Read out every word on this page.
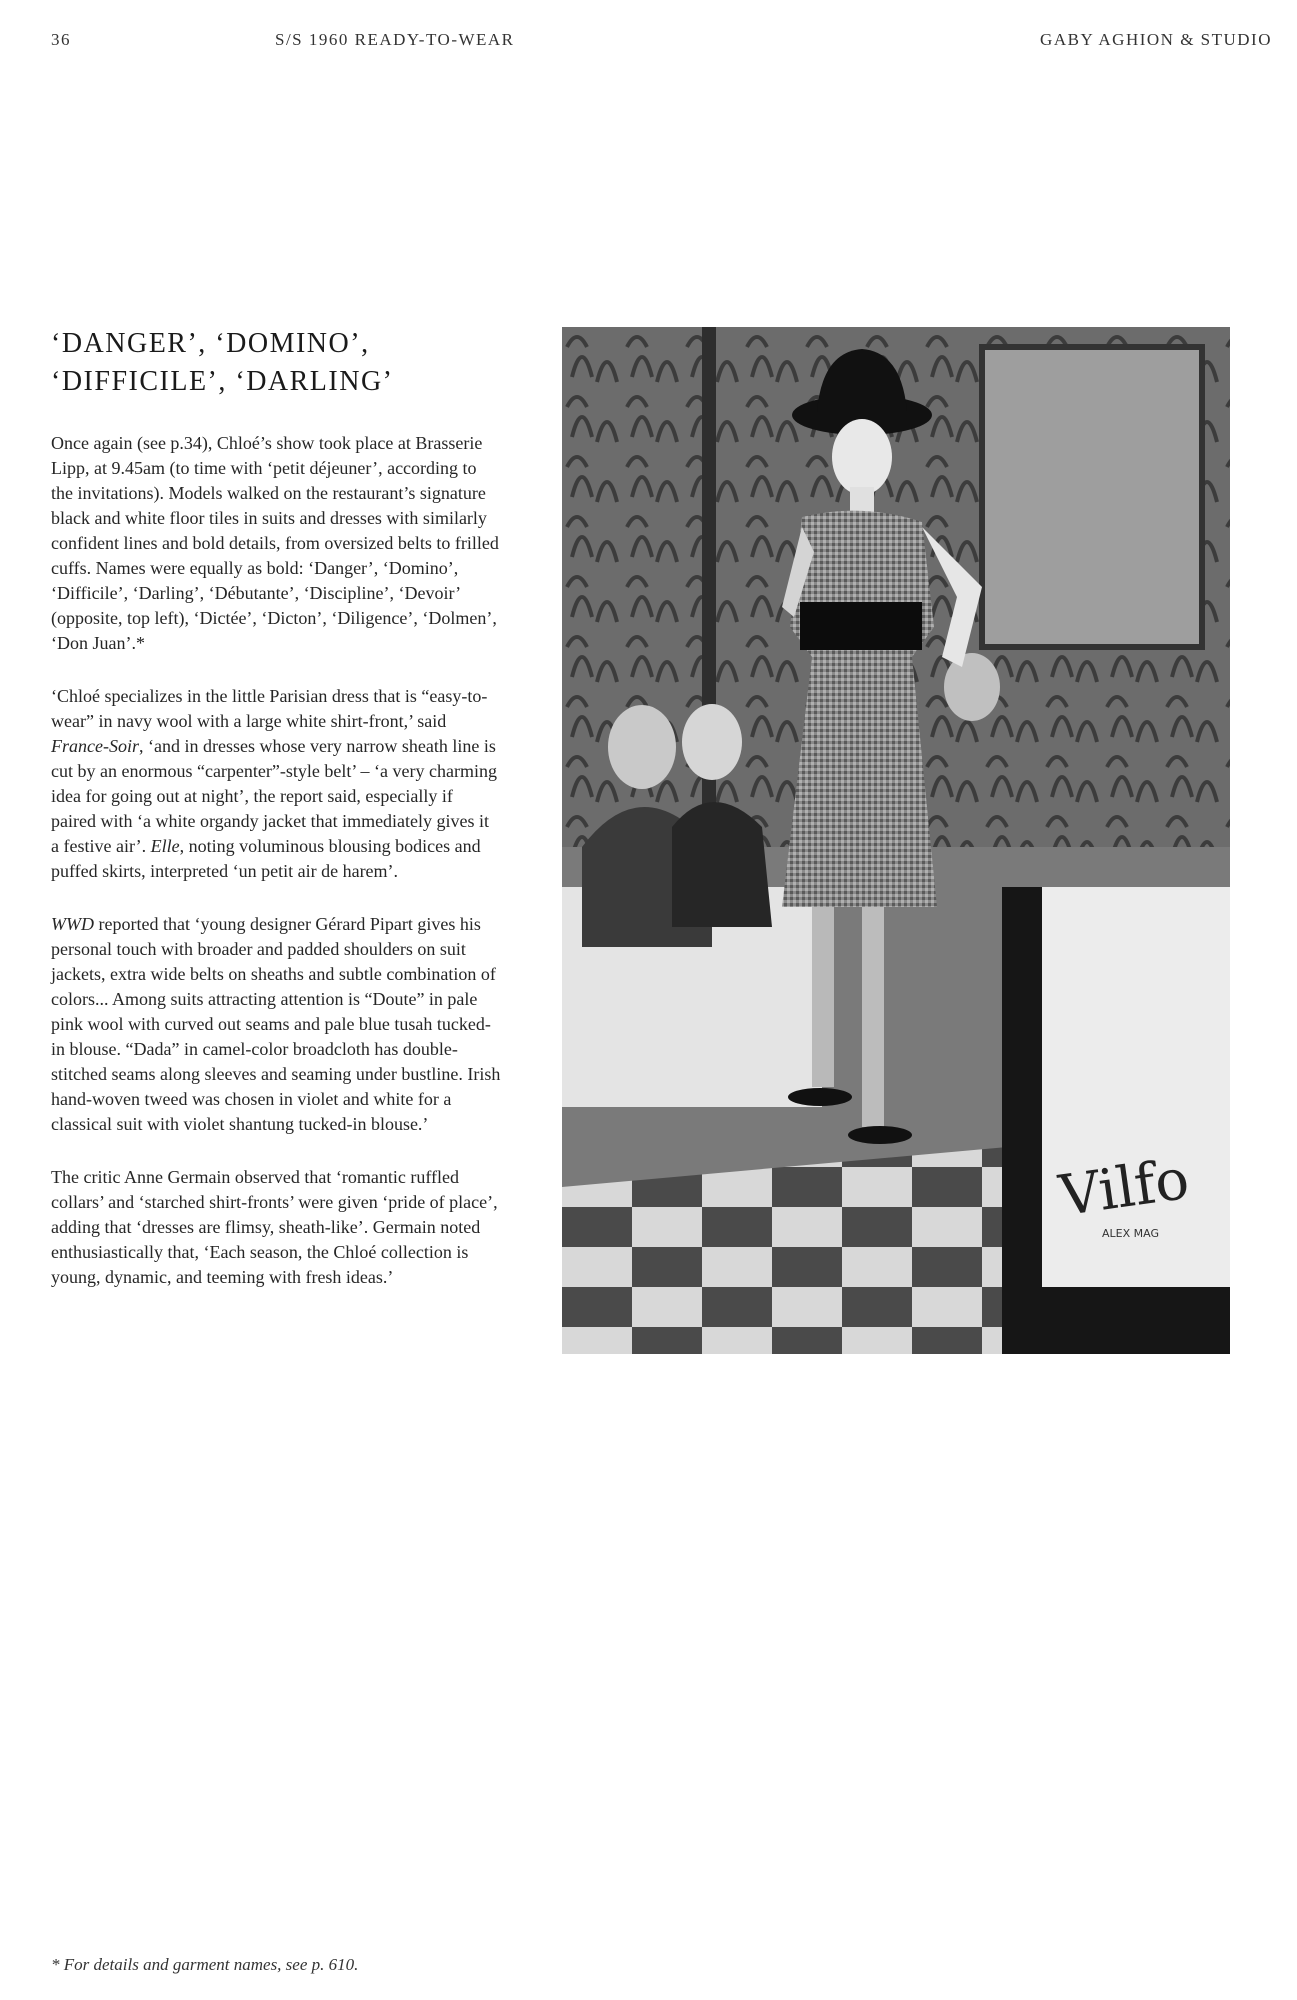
36	S/S 1960 READY-TO-WEAR	GABY AGHION & STUDIO
‘DANGER’, ‘DOMINO’,
‘DIFFICILE’, ‘DARLING’

Once again (see p.34), Chloé’s show took place at Brasserie Lipp, at 9.45am (to time with ‘petit déjeuner’, according to the invitations). Models walked on the restaurant’s signature black and white floor tiles in suits and dresses with similarly confident lines and bold details, from oversized belts to frilled cuffs. Names were equally as bold: ‘Danger’, ‘Domino’, ‘Difficile’, ‘Darling’, ‘Débutante’, ‘Discipline’, ‘Devoir’ (opposite, top left), ‘Dictée’, ‘Dicton’, ‘Diligence’, ‘Dolmen’, ‘Don Juan’.*

‘Chloé specializes in the little Parisian dress that is “easy-to-wear” in navy wool with a large white shirt-front,’ said France-Soir, ‘and in dresses whose very narrow sheath line is cut by an enormous “carpenter”-style belt’ – ‘a very charming idea for going out at night’, the report said, especially if paired with ‘a white organdy jacket that immediately gives it a festive air’. Elle, noting voluminous blousing bodices and puffed skirts, interpreted ‘un petit air de harem’.

WWD reported that ‘young designer Gérard Pipart gives his personal touch with broader and padded shoulders on suit jackets, extra wide belts on sheaths and subtle combination of colors... Among suits attracting attention is “Doute” in pale pink wool with curved out seams and pale blue tusah tucked-in blouse. “Dada” in camel-color broadcloth has double-stitched seams along sleeves and seaming under bustline. Irish hand-woven tweed was chosen in violet and white for a classical suit with violet shantung tucked-in blouse.’

The critic Anne Germain observed that ‘romantic ruffled collars’ and ‘starched shirt-fronts’ were given ‘pride of place’, adding that ‘dresses are flimsy, sheath-like’. Germain noted enthusiastically that, ‘Each season, the Chloé collection is young, dynamic, and teeming with fresh ideas.’

Vilfo
ALEX MAG
* For details and garment names, see p. 610.
